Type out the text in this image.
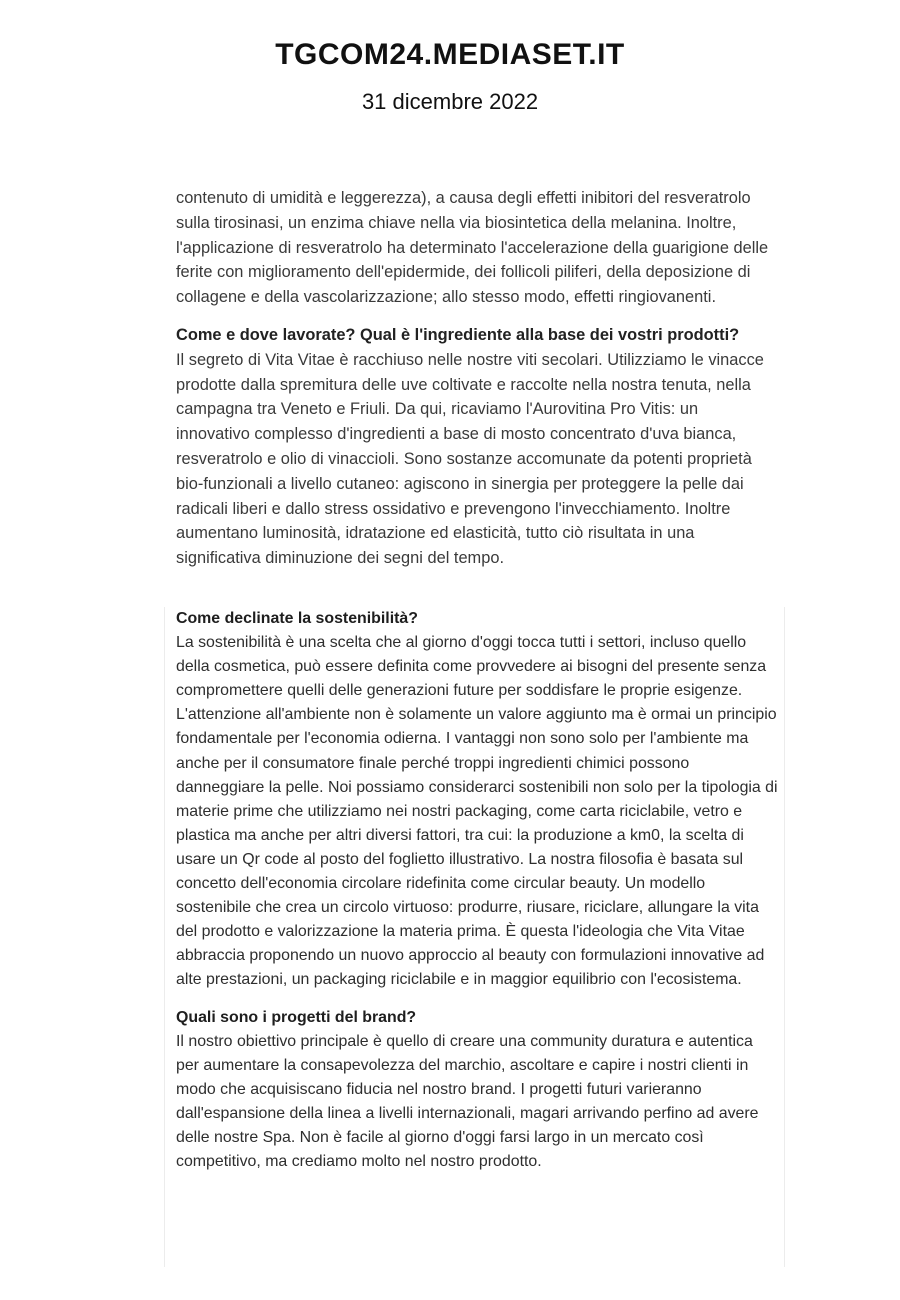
TGCOM24.MEDIASET.IT
31 dicembre 2022

contenuto di umidità e leggerezza), a causa degli effetti inibitori del resveratrolo sulla tirosinasi, un enzima chiave nella via biosintetica della melanina. Inoltre, l'applicazione di resveratrolo ha determinato l'accelerazione della guarigione delle ferite con miglioramento dell'epidermide, dei follicoli piliferi, della deposizione di collagene e della vascolarizzazione; allo stesso modo, effetti ringiovanenti.

Come e dove lavorate? Qual è l'ingrediente alla base dei vostri prodotti?

Il segreto di Vita Vitae è racchiuso nelle nostre viti secolari. Utilizziamo le vinacce prodotte dalla spremitura delle uve coltivate e raccolte nella nostra tenuta, nella campagna tra Veneto e Friuli. Da qui, ricaviamo l'Aurovitina Pro Vitis: un innovativo complesso d'ingredienti a base di mosto concentrato d'uva bianca, resveratrolo e olio di vinaccioli. Sono sostanze accomunate da potenti proprietà bio-funzionali a livello cutaneo: agiscono in sinergia per proteggere la pelle dai radicali liberi e dallo stress ossidativo e prevengono l'invecchiamento. Inoltre aumentano luminosità, idratazione ed elasticità, tutto ciò risultata in una significativa diminuzione dei segni del tempo.

Come declinate la sostenibilità?

La sostenibilità è una scelta che al giorno d'oggi tocca tutti i settori, incluso quello della cosmetica, può essere definita come provvedere ai bisogni del presente senza compromettere quelli delle generazioni future per soddisfare le proprie esigenze. L'attenzione all'ambiente non è solamente un valore aggiunto ma è ormai un principio fondamentale per l'economia odierna. I vantaggi non sono solo per l'ambiente ma anche per il consumatore finale perché troppi ingredienti chimici possono danneggiare la pelle. Noi possiamo considerarci sostenibili non solo per la tipologia di materie prime che utilizziamo nei nostri packaging, come carta riciclabile, vetro e plastica ma anche per altri diversi fattori, tra cui: la produzione a km0, la scelta di usare un Qr code al posto del foglietto illustrativo. La nostra filosofia è basata sul concetto dell'economia circolare ridefinita come circular beauty. Un modello sostenibile che crea un circolo virtuoso: produrre, riusare, riciclare, allungare la vita del prodotto e valorizzazione la materia prima. È questa l'ideologia che Vita Vitae abbraccia proponendo un nuovo approccio al beauty con formulazioni innovative ad alte prestazioni, un packaging riciclabile e in maggior equilibrio con l'ecosistema.

Quali sono i progetti del brand?

Il nostro obiettivo principale è quello di creare una community duratura e autentica per aumentare la consapevolezza del marchio, ascoltare e capire i nostri clienti in modo che acquisiscano fiducia nel nostro brand. I progetti futuri varieranno dall'espansione della linea a livelli internazionali, magari arrivando perfino ad avere delle nostre Spa. Non è facile al giorno d'oggi farsi largo in un mercato così competitivo, ma crediamo molto nel nostro prodotto.
